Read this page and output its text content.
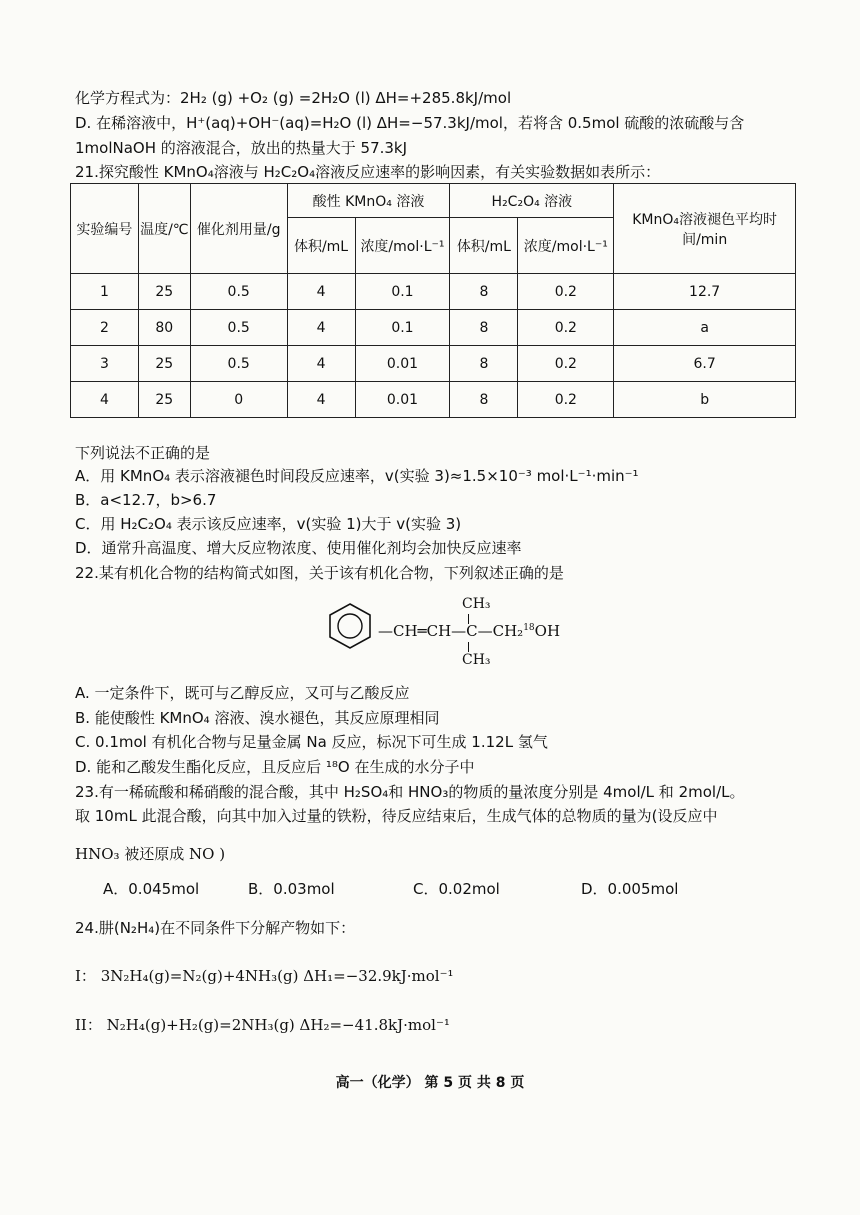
化学方程式为：2H₂ (g) +O₂ (g) =2H₂O (l) ΔH=+285.8kJ/mol
D. 在稀溶液中，H⁺(aq)+OH⁻(aq)=H₂O (l) ΔH=−57.3kJ/mol，若将含 0.5mol 硫酸的浓硫酸与含
1molNaOH 的溶液混合，放出的热量大于 57.3kJ
21.探究酸性 KMnO₄溶液与 H₂C₂O₄溶液反应速率的影响因素，有关实验数据如表所示：
实验编号	温度/℃	催化剂用量/g	酸性 KMnO₄ 溶液		H₂C₂O₄ 溶液		KMnO₄溶液褪色平均时间/min
			体积/mL	浓度/mol·L⁻¹	体积/mL	浓度/mol·L⁻¹	
1	25	0.5	4	0.1	8	0.2	12.7
2	80	0.5	4	0.1	8	0.2	a
3	25	0.5	4	0.01	8	0.2	6.7
4	25	0	4	0.01	8	0.2	b
下列说法不正确的是
A．用 KMnO₄ 表示溶液褪色时间段反应速率，v(实验 3)≈1.5×10⁻³ mol·L⁻¹·min⁻¹
B．a<12.7，b>6.7
C．用 H₂C₂O₄ 表示该反应速率，v(实验 1)大于 v(实验 3)
D．通常升高温度、增大反应物浓度、使用催化剂均会加快反应速率
22.某有机化合物的结构简式如图，关于该有机化合物，下列叙述正确的是
CH₃
—CH═CH—C—CH₂$^{18}$OH
CH₃
A. 一定条件下，既可与乙醇反应，又可与乙酸反应
B. 能使酸性 KMnO₄ 溶液、溴水褪色，其反应原理相同
C. 0.1mol 有机化合物与足量金属 Na 反应，标况下可生成 1.12L 氢气
D. 能和乙酸发生酯化反应，且反应后 ¹⁸O 在生成的水分子中
23.有一稀硫酸和稀硝酸的混合酸，其中 H₂SO₄和 HNO₃的物质的量浓度分别是 4mol/L 和 2mol/L。
取 10mL 此混合酸，向其中加入过量的铁粉，待反应结束后，生成气体的总物质的量为(设反应中
HNO₃ 被还原成 NO )
A．0.045mol	B．0.03mol	C．0.02mol	D．0.005mol
24.肼(N₂H₄)在不同条件下分解产物如下：
I： 3N₂H₄(g)=N₂(g)+4NH₃(g) ΔH₁=−32.9kJ·mol⁻¹
II： N₂H₄(g)+H₂(g)=2NH₃(g) ΔH₂=−41.8kJ·mol⁻¹
高一（化学） 第 5 页 共 8 页
